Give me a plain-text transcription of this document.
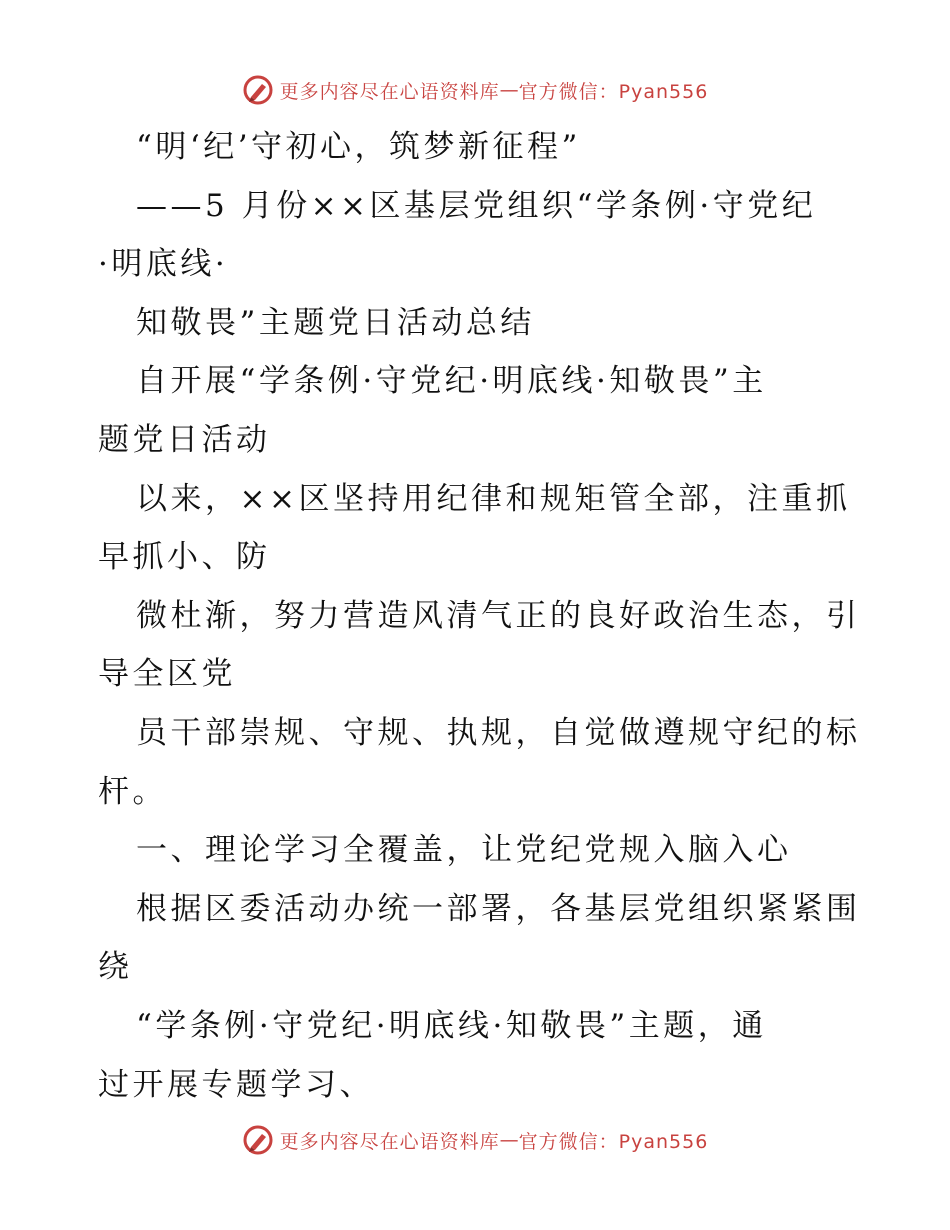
更多内容尽在心语资料库 — 官方微信：Pyan556
“明‘纪’守初心，筑梦新征程”
——5 月份××区基层党组织“学条例·守党纪
·明底线·
知敬畏”主题党日活动总结
自开展“学条例·守党纪·明底线·知敬畏”主
题党日活动
以来，××区坚持用纪律和规矩管全部，注重抓
早抓小、防
微杜渐，努力营造风清气正的良好政治生态，引
导全区党
员干部崇规、守规、执规，自觉做遵规守纪的标
杆。
一、理论学习全覆盖，让党纪党规入脑入心
根据区委活动办统一部署，各基层党组织紧紧围
绕
“学条例·守党纪·明底线·知敬畏”主题，通
过开展专题学习、
更多内容尽在心语资料库 — 官方微信：Pyan556
